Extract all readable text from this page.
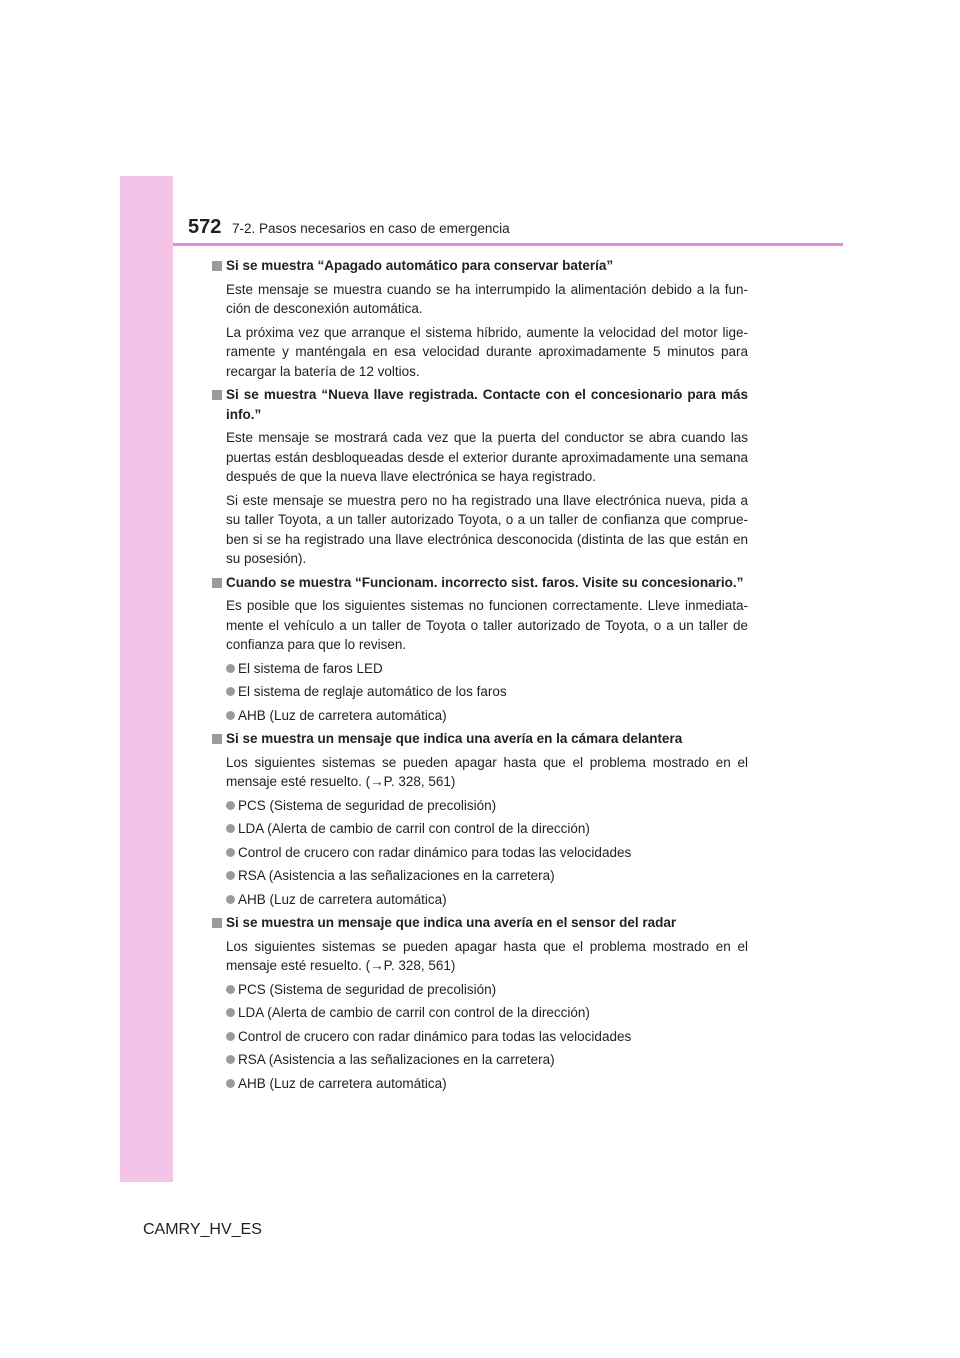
572 7-2. Pasos necesarios en caso de emergencia
Si se muestra “Apagado automático para conservar batería”
Este mensaje se muestra cuando se ha interrumpido la alimentación debido a la función de desconexión automática.
La próxima vez que arranque el sistema híbrido, aumente la velocidad del motor ligeramente y manténgala en esa velocidad durante aproximadamente 5 minutos para recargar la batería de 12 voltios.
Si se muestra “Nueva llave registrada. Contacte con el concesionario para más info.”
Este mensaje se mostrará cada vez que la puerta del conductor se abra cuando las puertas están desbloqueadas desde el exterior durante aproximadamente una semana después de que la nueva llave electrónica se haya registrado.
Si este mensaje se muestra pero no ha registrado una llave electrónica nueva, pida a su taller Toyota, a un taller autorizado Toyota, o a un taller de confianza que comprueben si se ha registrado una llave electrónica desconocida (distinta de las que están en su posesión).
Cuando se muestra “Funcionam. incorrecto sist. faros. Visite su concesionario.”
Es posible que los siguientes sistemas no funcionen correctamente. Lleve inmediatamente el vehículo a un taller de Toyota o taller autorizado de Toyota, o a un taller de confianza para que lo revisen.
El sistema de faros LED
El sistema de reglaje automático de los faros
AHB (Luz de carretera automática)
Si se muestra un mensaje que indica una avería en la cámara delantera
Los siguientes sistemas se pueden apagar hasta que el problema mostrado en el mensaje esté resuelto. (→P. 328, 561)
PCS (Sistema de seguridad de precolisión)
LDA (Alerta de cambio de carril con control de la dirección)
Control de crucero con radar dinámico para todas las velocidades
RSA (Asistencia a las señalizaciones en la carretera)
AHB (Luz de carretera automática)
Si se muestra un mensaje que indica una avería en el sensor del radar
Los siguientes sistemas se pueden apagar hasta que el problema mostrado en el mensaje esté resuelto. (→P. 328, 561)
PCS (Sistema de seguridad de precolisión)
LDA (Alerta de cambio de carril con control de la dirección)
Control de crucero con radar dinámico para todas las velocidades
RSA (Asistencia a las señalizaciones en la carretera)
AHB (Luz de carretera automática)
CAMRY_HV_ES
